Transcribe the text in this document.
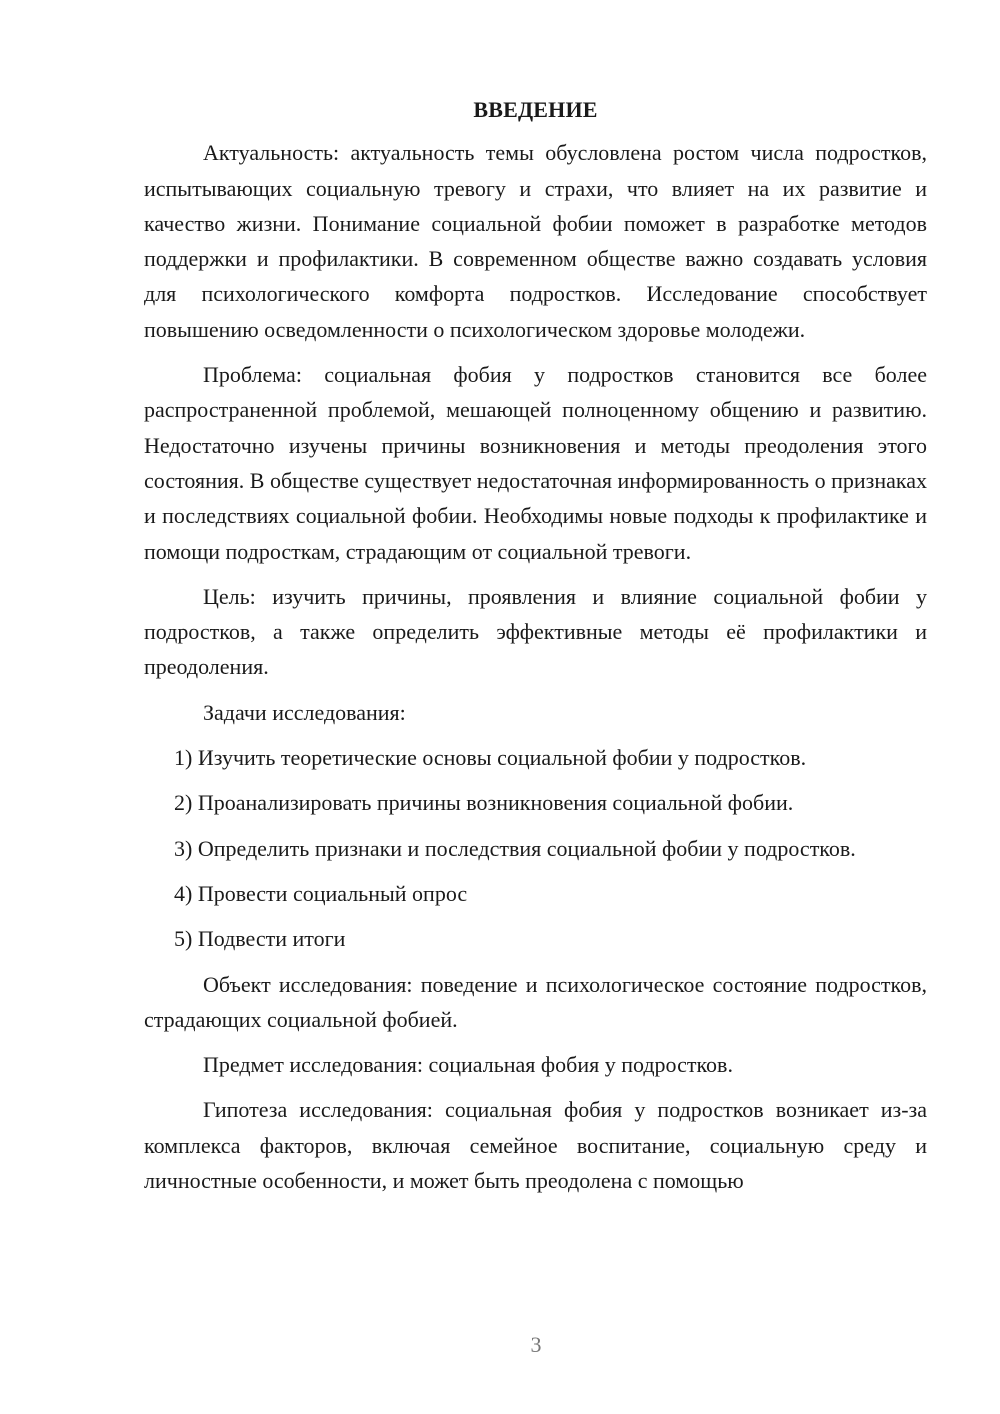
ВВЕДЕНИЕ

Актуальность: актуальность темы обусловлена ростом числа подростков, испытывающих социальную тревогу и страхи, что влияет на их развитие и качество жизни. Понимание социальной фобии поможет в разработке методов поддержки и профилактики. В современном обществе важно создавать условия для психологического комфорта подростков. Исследование способствует повышению осведомленности о психологическом здоровье молодежи.

Проблема: социальная фобия у подростков становится все более распространенной проблемой, мешающей полноценному общению и развитию. Недостаточно изучены причины возникновения и методы преодоления этого состояния. В обществе существует недостаточная информированность о признаках и последствиях социальной фобии. Необходимы новые подходы к профилактике и помощи подросткам, страдающим от социальной тревоги.

Цель: изучить причины, проявления и влияние социальной фобии у подростков, а также определить эффективные методы её профилактики и преодоления.

Задачи исследования:

1) Изучить теоретические основы социальной фобии у подростков.

2) Проанализировать причины возникновения социальной фобии.

3) Определить признаки и последствия социальной фобии у подростков.

4) Провести социальный опрос

5) Подвести итоги

Объект исследования: поведение и психологическое состояние подростков, страдающих социальной фобией.

Предмет исследования: социальная фобия у подростков.

Гипотеза исследования: социальная фобия у подростков возникает из-за комплекса факторов, включая семейное воспитание, социальную среду и личностные особенности, и может быть преодолена с помощью

3
